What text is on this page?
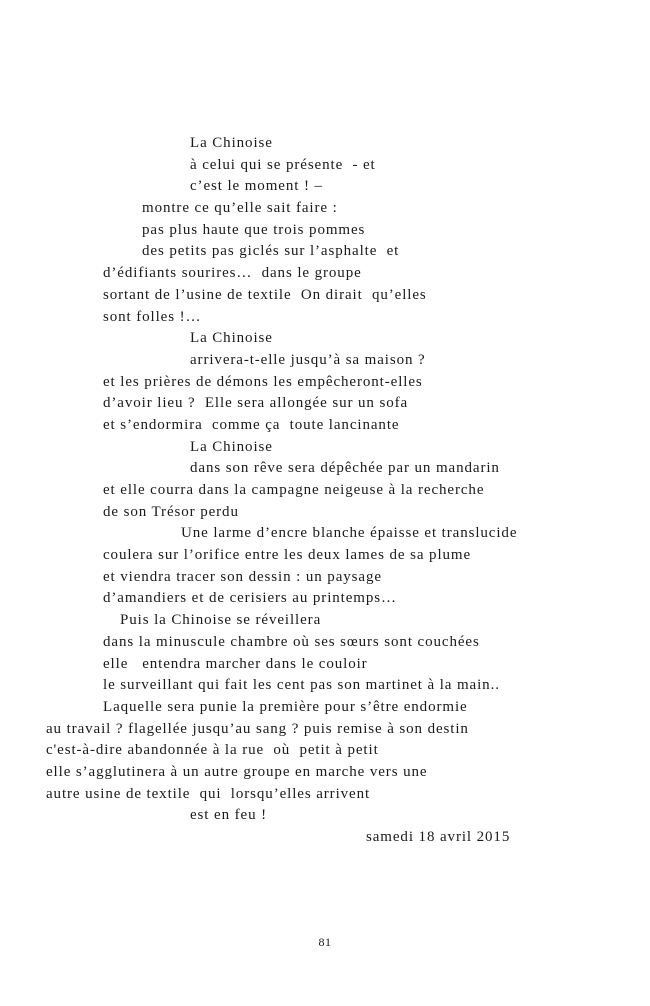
La Chinoise

à celui qui se présente  - et

c’est le moment ! –

montre ce qu’elle sait faire :

pas plus haute que trois pommes

des petits pas giclés sur l’asphalte  et

d’édifiants sourires…  dans le groupe

sortant de l’usine de textile  On dirait  qu’elles

sont folles !…

La Chinoise

arrivera-t-elle jusqu’à sa maison ?

et les prières de démons les empêcheront-elles

d’avoir lieu ?  Elle sera allongée sur un sofa

et s’endormira  comme ça  toute lancinante

La Chinoise

dans son rêve sera dépêchée par un mandarin

et elle courra dans la campagne neigeuse à la recherche

de son Trésor perdu

Une larme d’encre blanche épaisse et translucide

coulera sur l’orifice entre les deux lames de sa plume

et viendra tracer son dessin : un paysage

d’amandiers et de cerisiers au printemps…

Puis la Chinoise se réveillera

dans la minuscule chambre où ses sœurs sont couchées

elle   entendra marcher dans le couloir

le surveillant qui fait les cent pas son martinet à la main..

Laquelle sera punie la première pour s’être endormie

au travail ? flagellée jusqu’au sang ? puis remise à son destin

c'est-à-dire abandonnée à la rue  où  petit à petit

elle s’agglutinera à un autre groupe en marche vers une

autre usine de textile  qui  lorsqu’elles arrivent

est en feu !

samedi 18 avril 2015
81
